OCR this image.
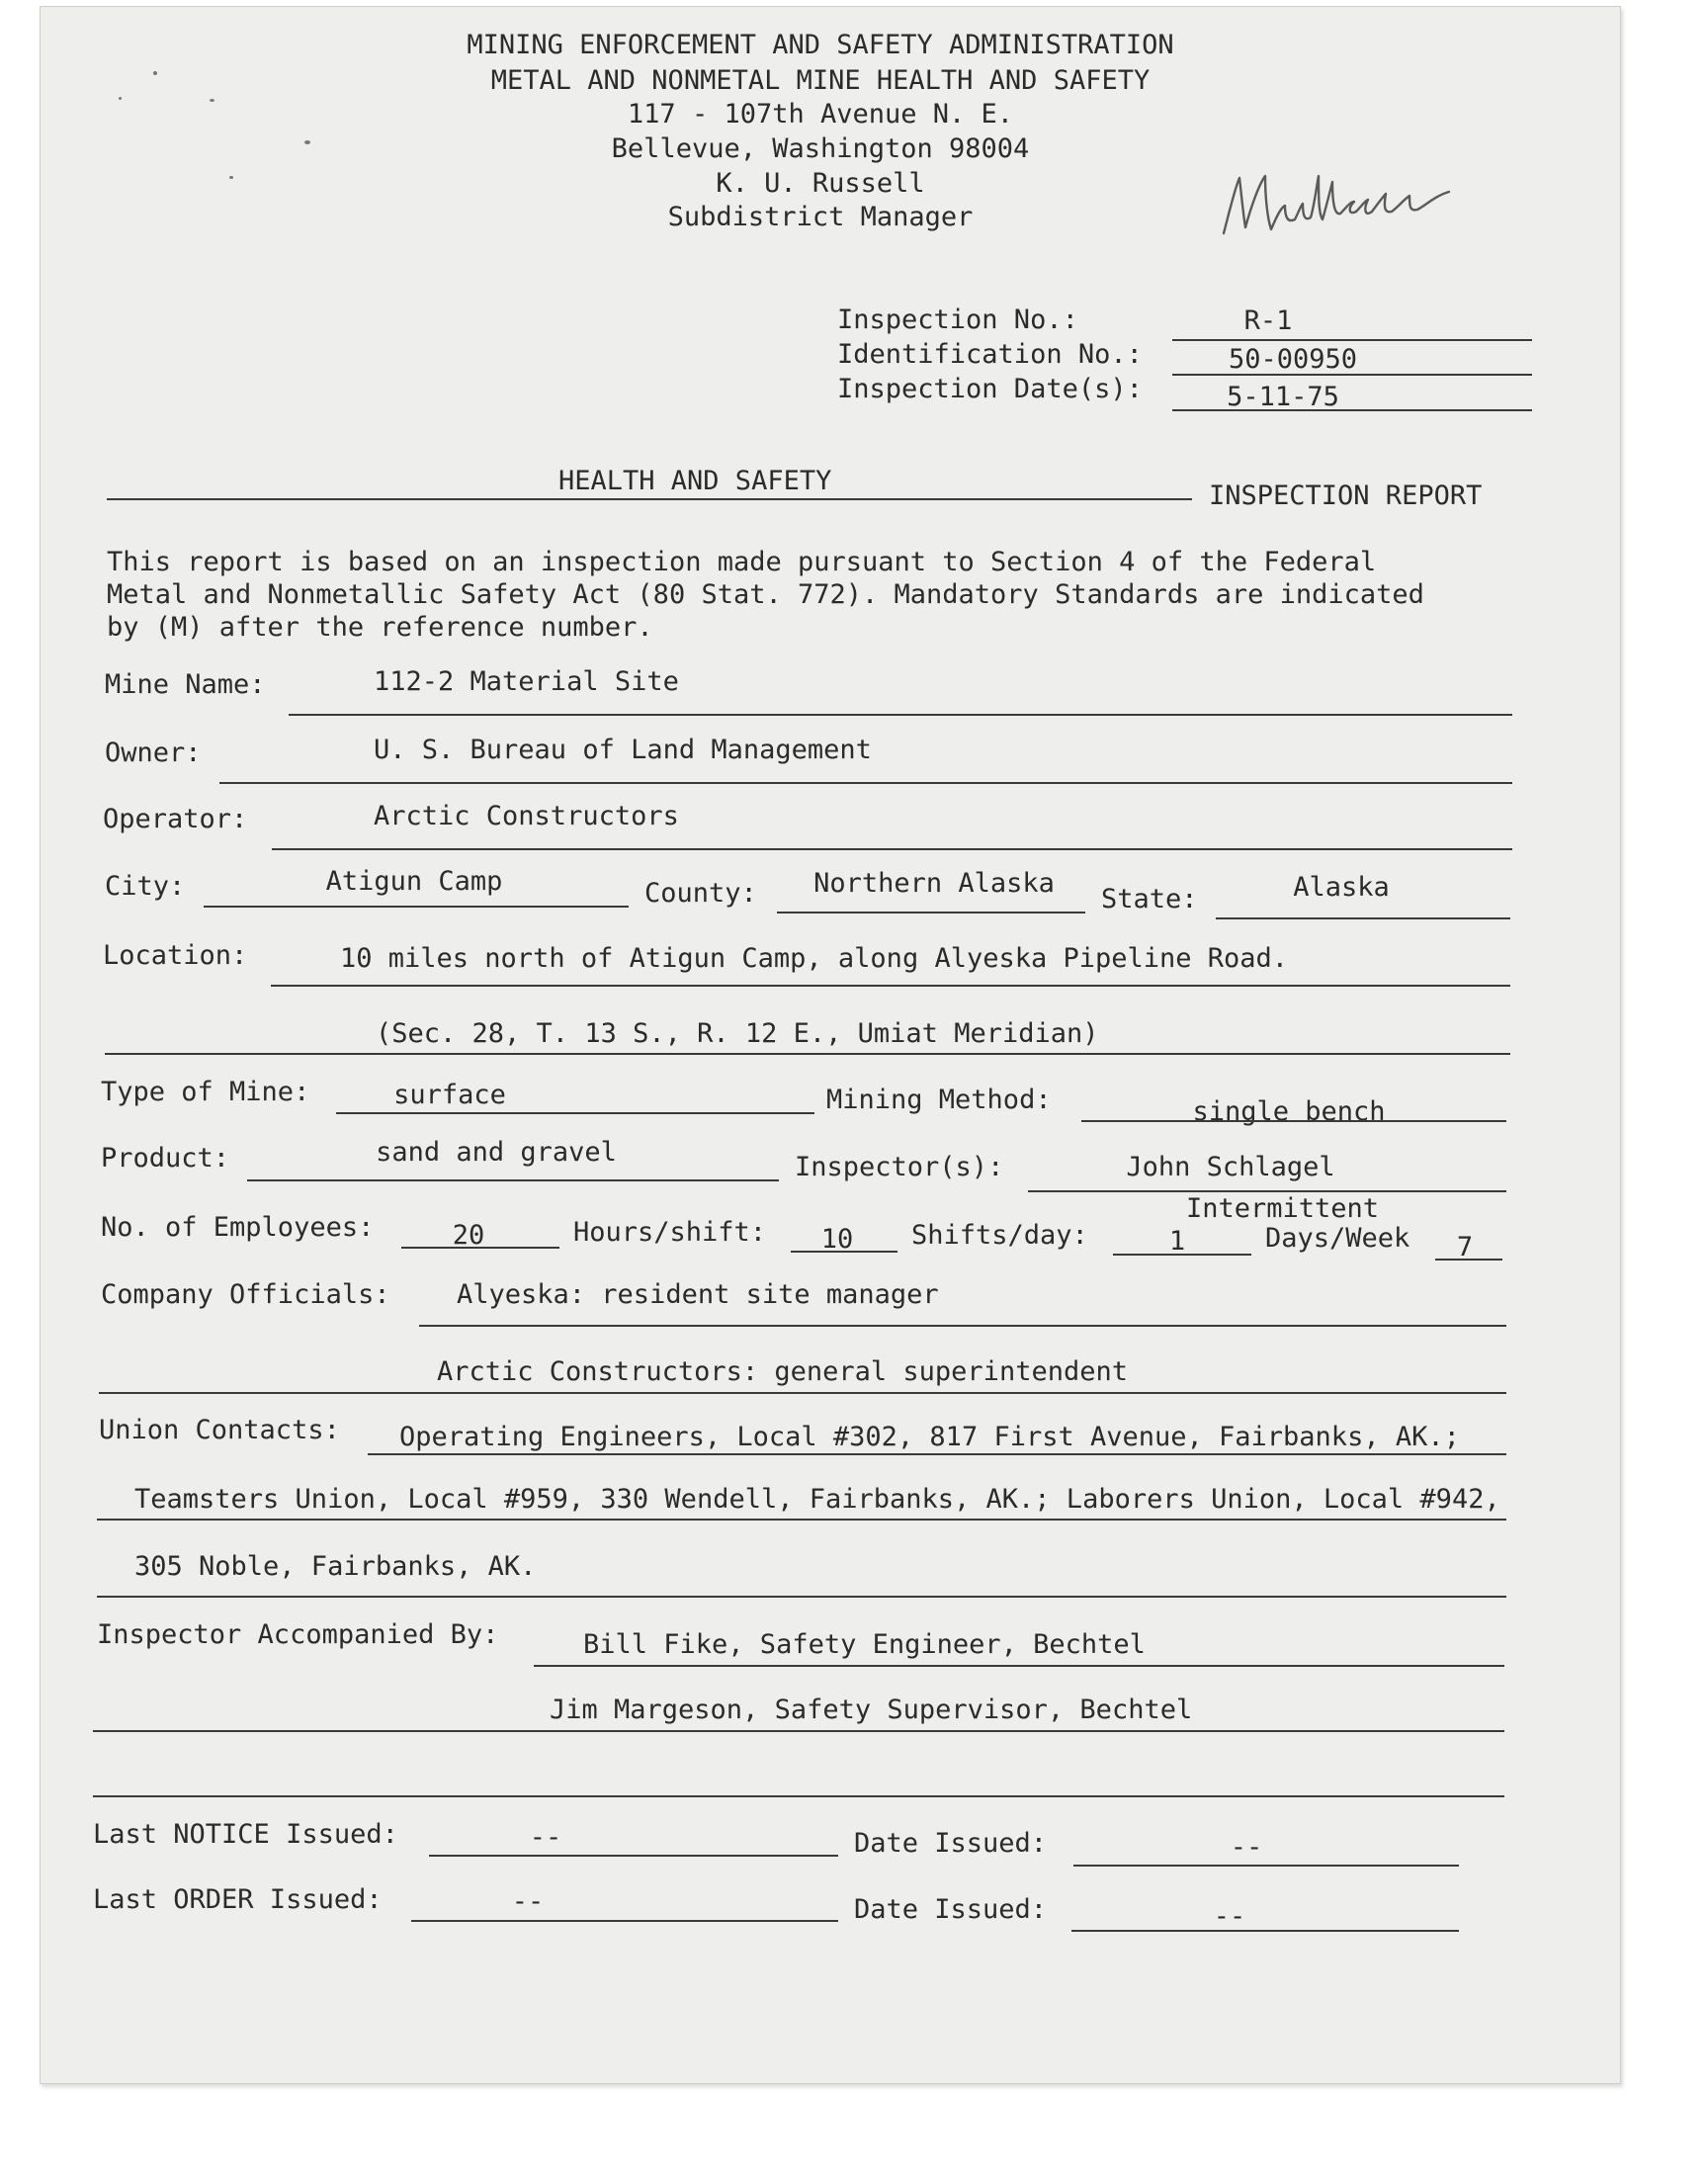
MINING ENFORCEMENT AND SAFETY ADMINISTRATION
METAL AND NONMETAL MINE HEALTH AND SAFETY
117 - 107th Avenue N. E.
Bellevue, Washington 98004
K. U. Russell
Subdistrict Manager
Inspection No.:	R-1
Identification No.:	50-00950
Inspection Date(s):	5-11-75
HEALTH AND SAFETY	INSPECTION REPORT
This report is based on an inspection made pursuant to Section 4 of the Federal
Metal and Nonmetallic Safety Act (80 Stat. 772). Mandatory Standards are indicated
by (M) after the reference number.
Mine Name:	112-2 Material Site
Owner:	U. S. Bureau of Land Management
Operator:	Arctic Constructors
City:	Atigun Camp	County:	Northern Alaska
State:	Alaska
Location:	10 miles north of Atigun Camp, along Alyeska Pipeline Road.
(Sec. 28, T. 13 S., R. 12 E., Umiat Meridian)
Type of Mine:	surface	Mining Method:	single bench
Product:	sand and gravel	Inspector(s):	John Schlagel
No. of Employees:	20	Hours/shift:	10	Shifts/day:	1
Intermittent
Days/Week	7
Company Officials: Alyeska: resident site manager
Arctic Constructors: general superintendent
Union Contacts: Operating Engineers, Local #302, 817 First Avenue, Fairbanks, AK.;
Teamsters Union, Local #959, 330 Wendell, Fairbanks, AK.; Laborers Union, Local #942,
305 Noble, Fairbanks, AK.
Inspector Accompanied By:	Bill Fike, Safety Engineer, Bechtel
Jim Margeson, Safety Supervisor, Bechtel
Last NOTICE Issued:	--	Date Issued:	--
Last ORDER Issued:	--	Date Issued:	--
